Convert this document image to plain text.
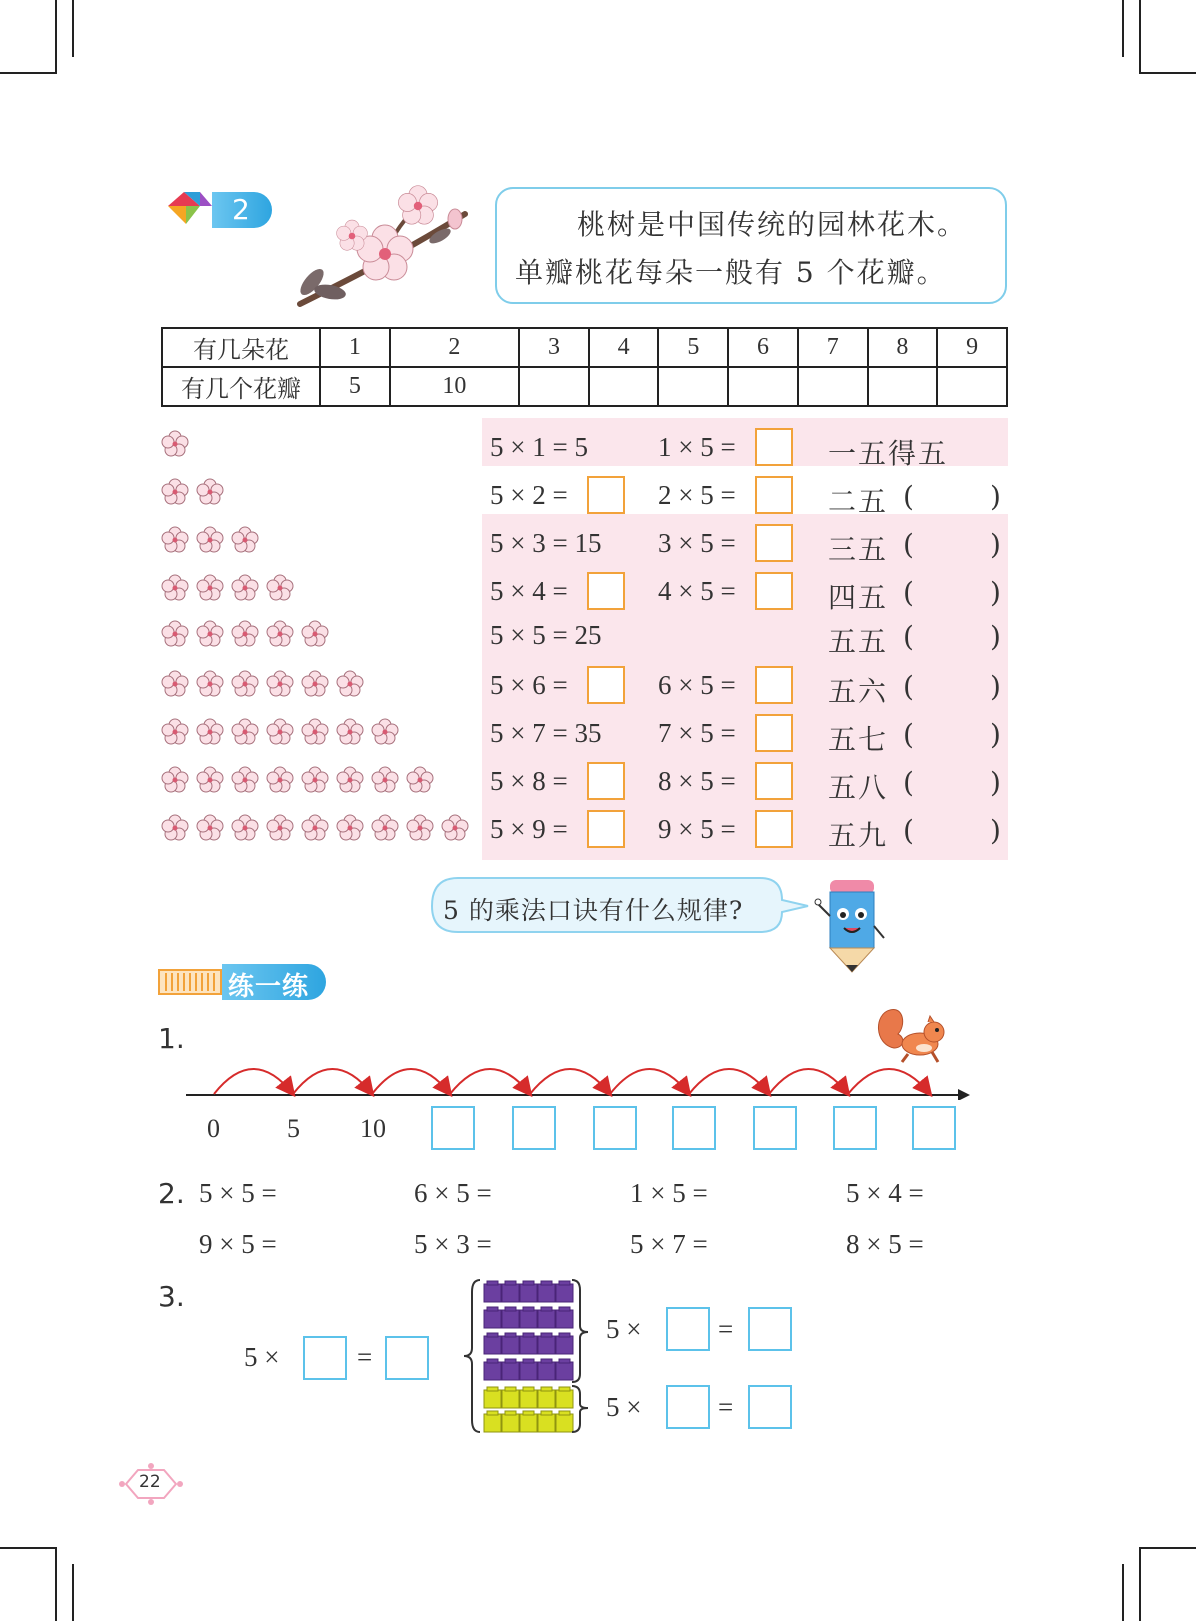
2	桃树是中国传统的园林花木。
单瓣桃花每朵一般有 5 个花瓣。
有几朵花	1	2	3	4	5	6	7	8	9
有几个花瓣	5	10							
5 × 1 = 5	1 × 5 =	一五得五
5 × 2 =	2 × 5 =	二五 (	)
5 × 3 = 15 3 × 5 =	三五 (	)
5 × 4 =	4 × 5 =	四五 (	)
5 × 5 = 25	五五 (	)
5 × 6 =	6 × 5 =	五六 (	)
5 × 7 = 35 7 × 5 =	五七 (	)
5 × 8 =	8 × 5 =	五八 (	)
5 × 9 =	9 × 5 =	五九 (	)
5 的乘法口诀有什么规律?
练一练
1.
0	5 10
2. 5 × 5 =	6 × 5 =	1 × 5 =	5 × 4 =
9 × 5 =	5 × 3 =	5 × 7 =	8 × 5 =
3.
5 ×	=
5 ×	=
5 ×	=
22
